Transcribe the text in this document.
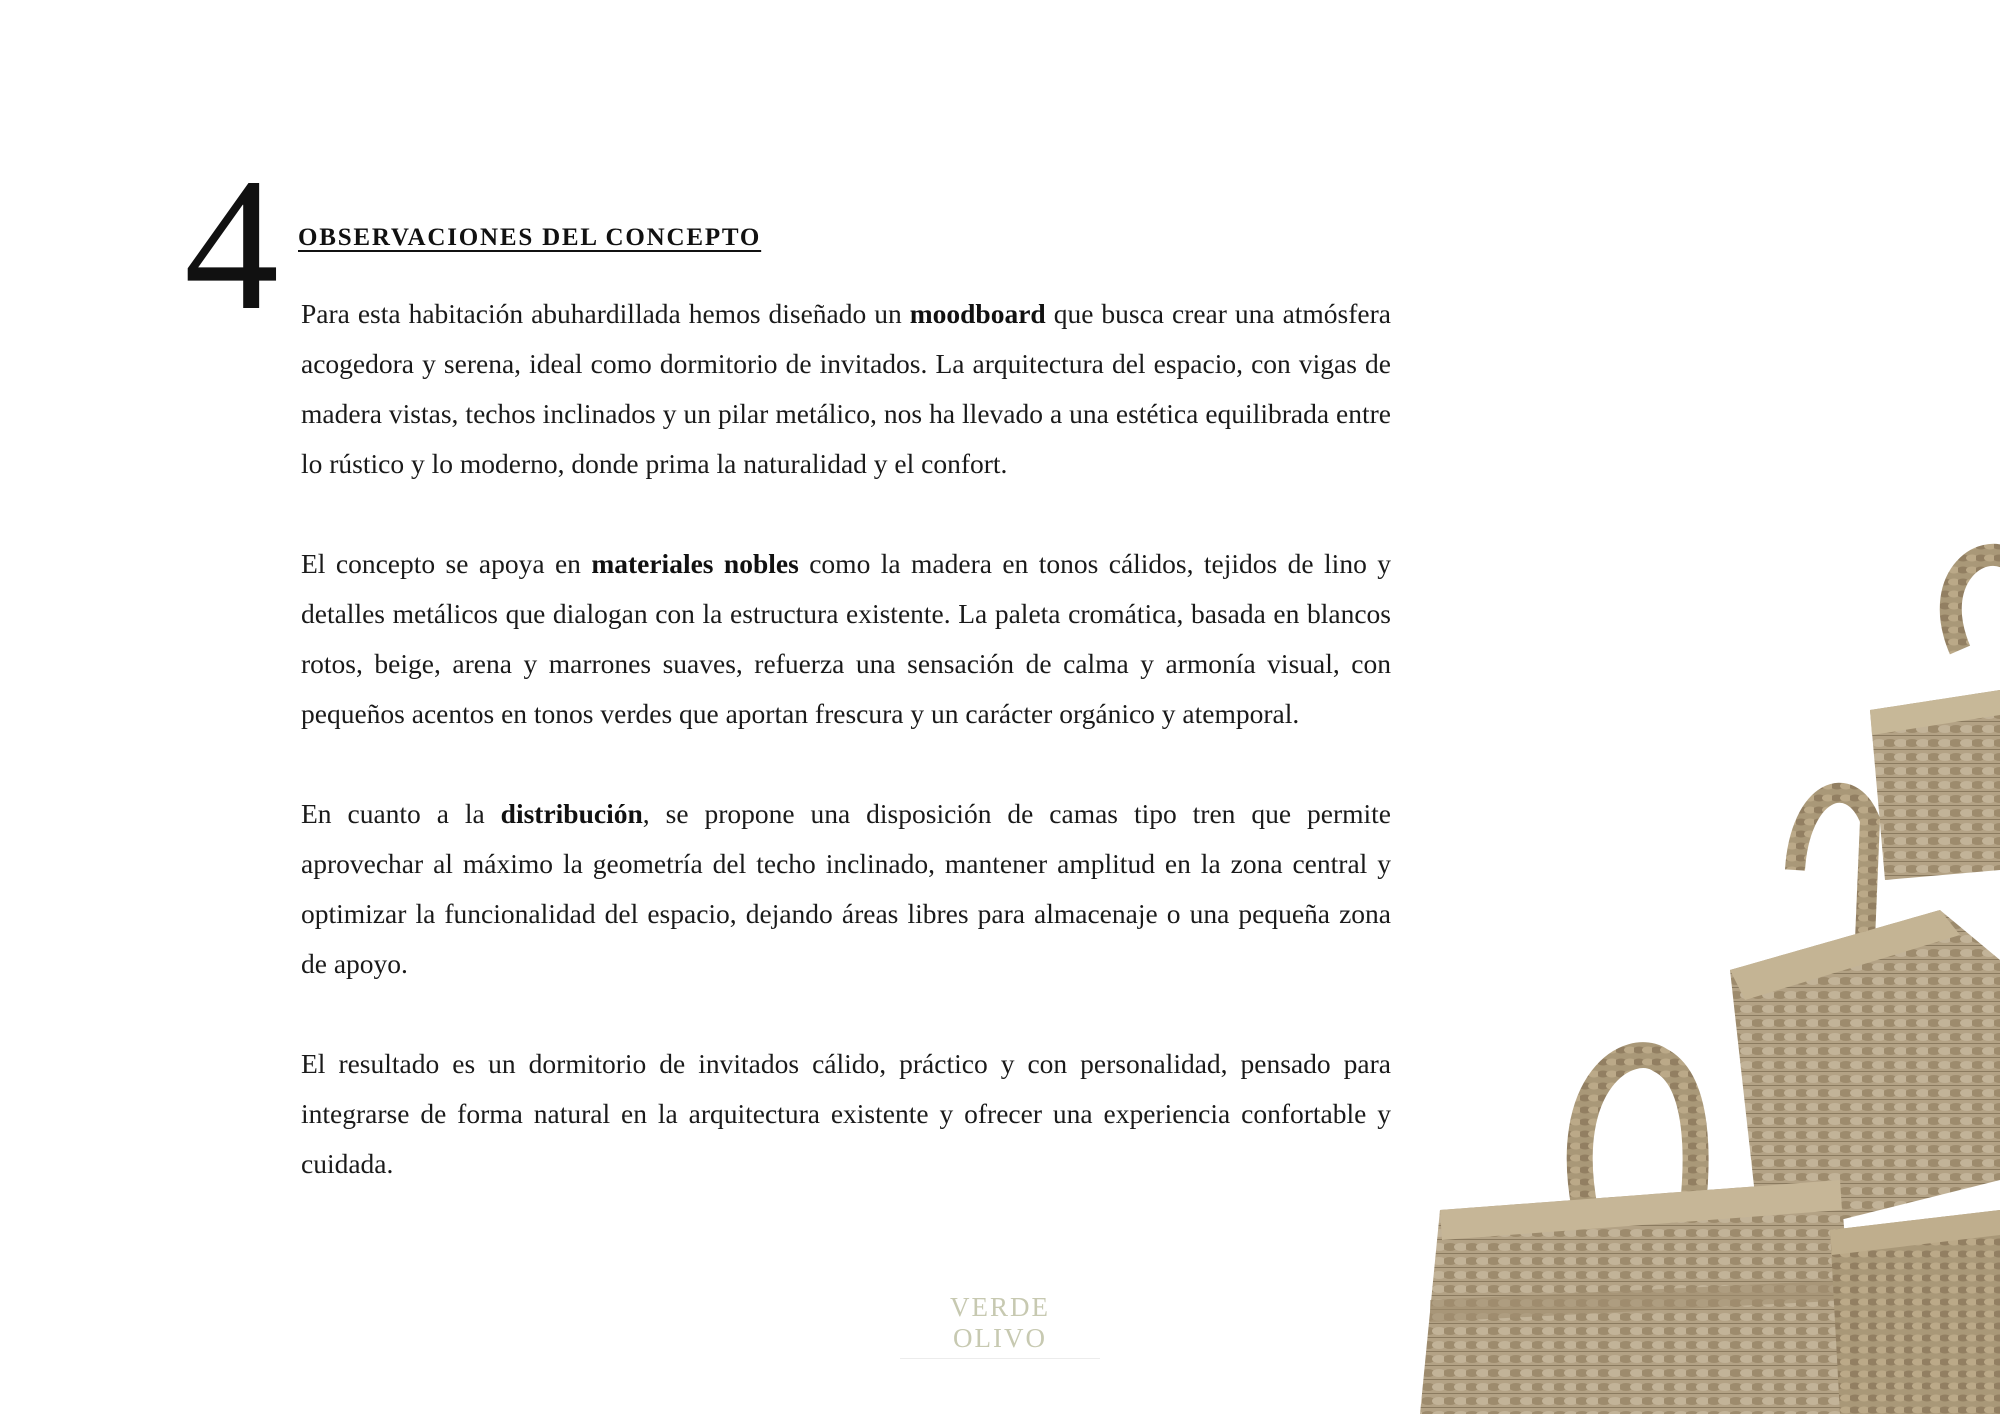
4 OBSERVACIONES DEL CONCEPTO

Para esta habitación abuhardillada hemos diseñado un moodboard que busca crear una atmósfera acogedora y serena, ideal como dormitorio de invitados. La arquitectura del espacio, con vigas de madera vistas, techos inclinados y un pilar metálico, nos ha llevado a una estética equilibrada entre lo rústico y lo moderno, donde prima la naturalidad y el confort.

El concepto se apoya en materiales nobles como la madera en tonos cálidos, tejidos de lino y detalles metálicos que dialogan con la estructura existente. La paleta cromática, basada en blancos rotos, beige, arena y marrones suaves, refuerza una sensación de calma y armonía visual, con pequeños acentos en tonos verdes que aportan frescura y un carácter orgánico y atemporal.

En cuanto a la distribución, se propone una disposición de camas tipo tren que permite aprovechar al máximo la geometría del techo inclinado, mantener amplitud en la zona central y optimizar la funcionalidad del espacio, dejando áreas libres para almacenaje o una pequeña zona de apoyo.

El resultado es un dormitorio de invitados cálido, práctico y con personalidad, pensado para integrarse de forma natural en la arquitectura existente y ofrecer una experiencia confortable y cuidada.

VERDE OLIVO
